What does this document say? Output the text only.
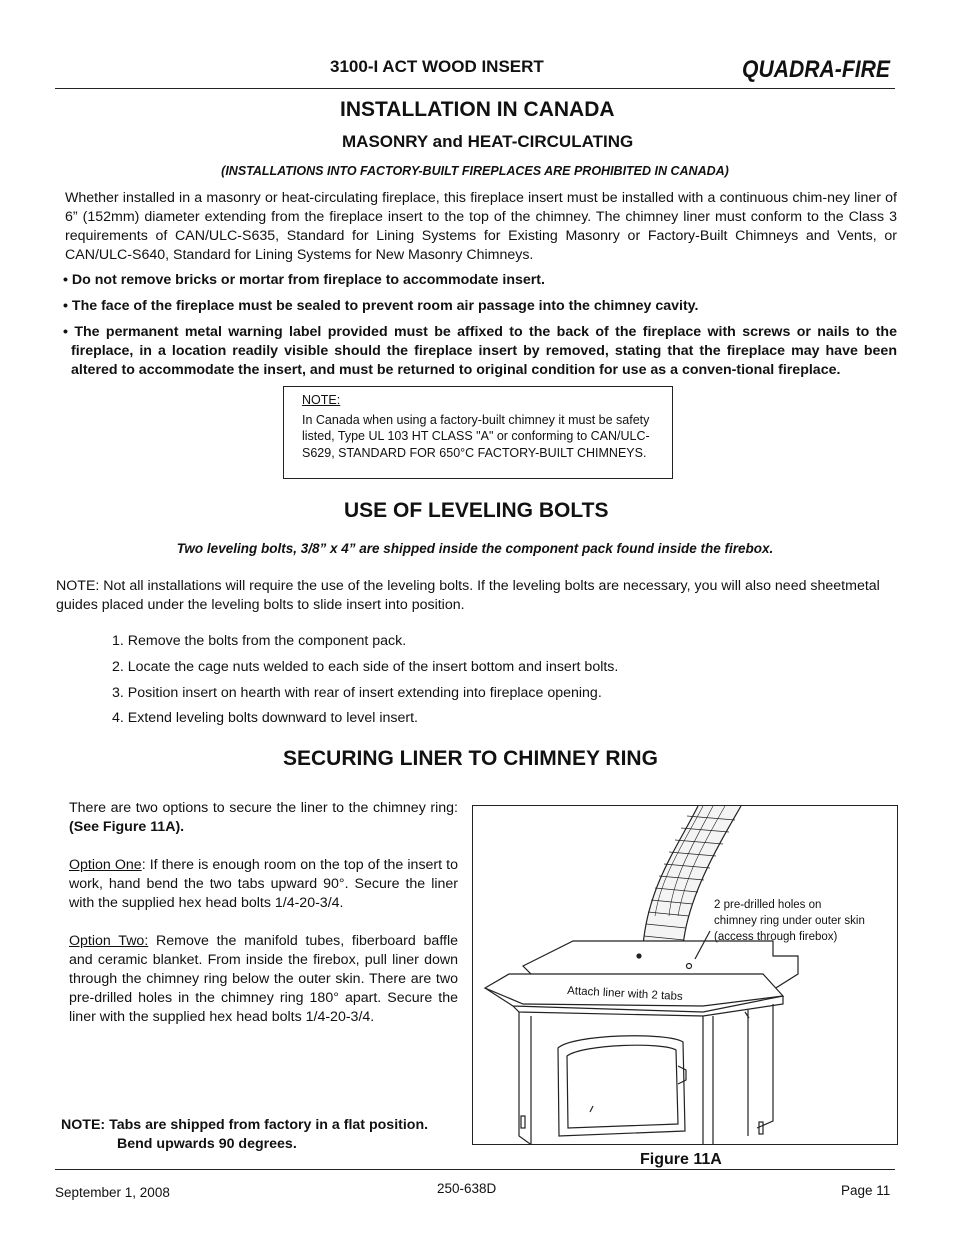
3100-I ACT WOOD INSERT	QUADRA-FIRE
INSTALLATION IN CANADA
MASONRY and HEAT-CIRCULATING
(INSTALLATIONS INTO FACTORY-BUILT FIREPLACES ARE PROHIBITED IN CANADA)
Whether installed in a masonry or heat-circulating fireplace, this fireplace insert must be installed with a continuous chim-ney liner of 6” (152mm) diameter extending from the fireplace insert to the top of the chimney. The chimney liner must conform to the Class 3 requirements of CAN/ULC-S635, Standard for Lining Systems for Existing Masonry or Factory-Built Chimneys and Vents, or CAN/ULC-S640, Standard for Lining Systems for New Masonry Chimneys.
• Do not remove bricks or mortar from fireplace to accommodate insert.
• The face of the fireplace must be sealed to prevent room air passage into the chimney cavity.
• The permanent metal warning label provided must be affixed to the back of the fireplace with screws or nails to the fireplace, in a location readily visible should the fireplace insert by removed, stating that the fireplace may have been altered to accommodate the insert, and must be returned to original condition for use as a conven-tional fireplace.
NOTE:
In Canada when using a factory-built chimney it must be safety listed, Type UL 103 HT CLASS "A" or conforming to CAN/ULC-S629, STANDARD FOR 650°C FACTORY-BUILT CHIMNEYS.
USE OF LEVELING BOLTS
Two leveling bolts, 3/8” x 4” are shipped inside the component pack found inside the firebox.
NOTE: Not all installations will require the use of the leveling bolts. If the leveling bolts are necessary, you will also need sheetmetal guides placed under the leveling bolts to slide insert into position.
1. Remove the bolts from the component pack.
2. Locate the cage nuts welded to each side of the insert bottom and insert bolts.
3. Position insert on hearth with rear of insert extending into fireplace opening.
4. Extend leveling bolts downward to level insert.
SECURING LINER TO CHIMNEY RING

There are two options to secure the liner to the chimney ring: (See Figure 11A).

Option One: If there is enough room on the top of the insert to work, hand bend the two tabs upward 90°. Secure the liner with the supplied hex head bolts 1/4-20-3/4.

Option Two: Remove the manifold tubes, fiberboard baffle and ceramic blanket. From inside the firebox, pull liner down through the chimney ring below the outer skin. There are two pre-drilled holes in the chimney ring 180° apart. Secure the liner with the supplied hex head bolts 1/4-20-3/4.

NOTE: Tabs are shipped from factory in a flat position.
Bend upwards 90 degrees.
2 pre-drilled holes on
chimney ring under outer skin
(access through firebox)
Attach liner with 2 tabs
Figure 11A
September 1, 2008	250-638D	Page 11
